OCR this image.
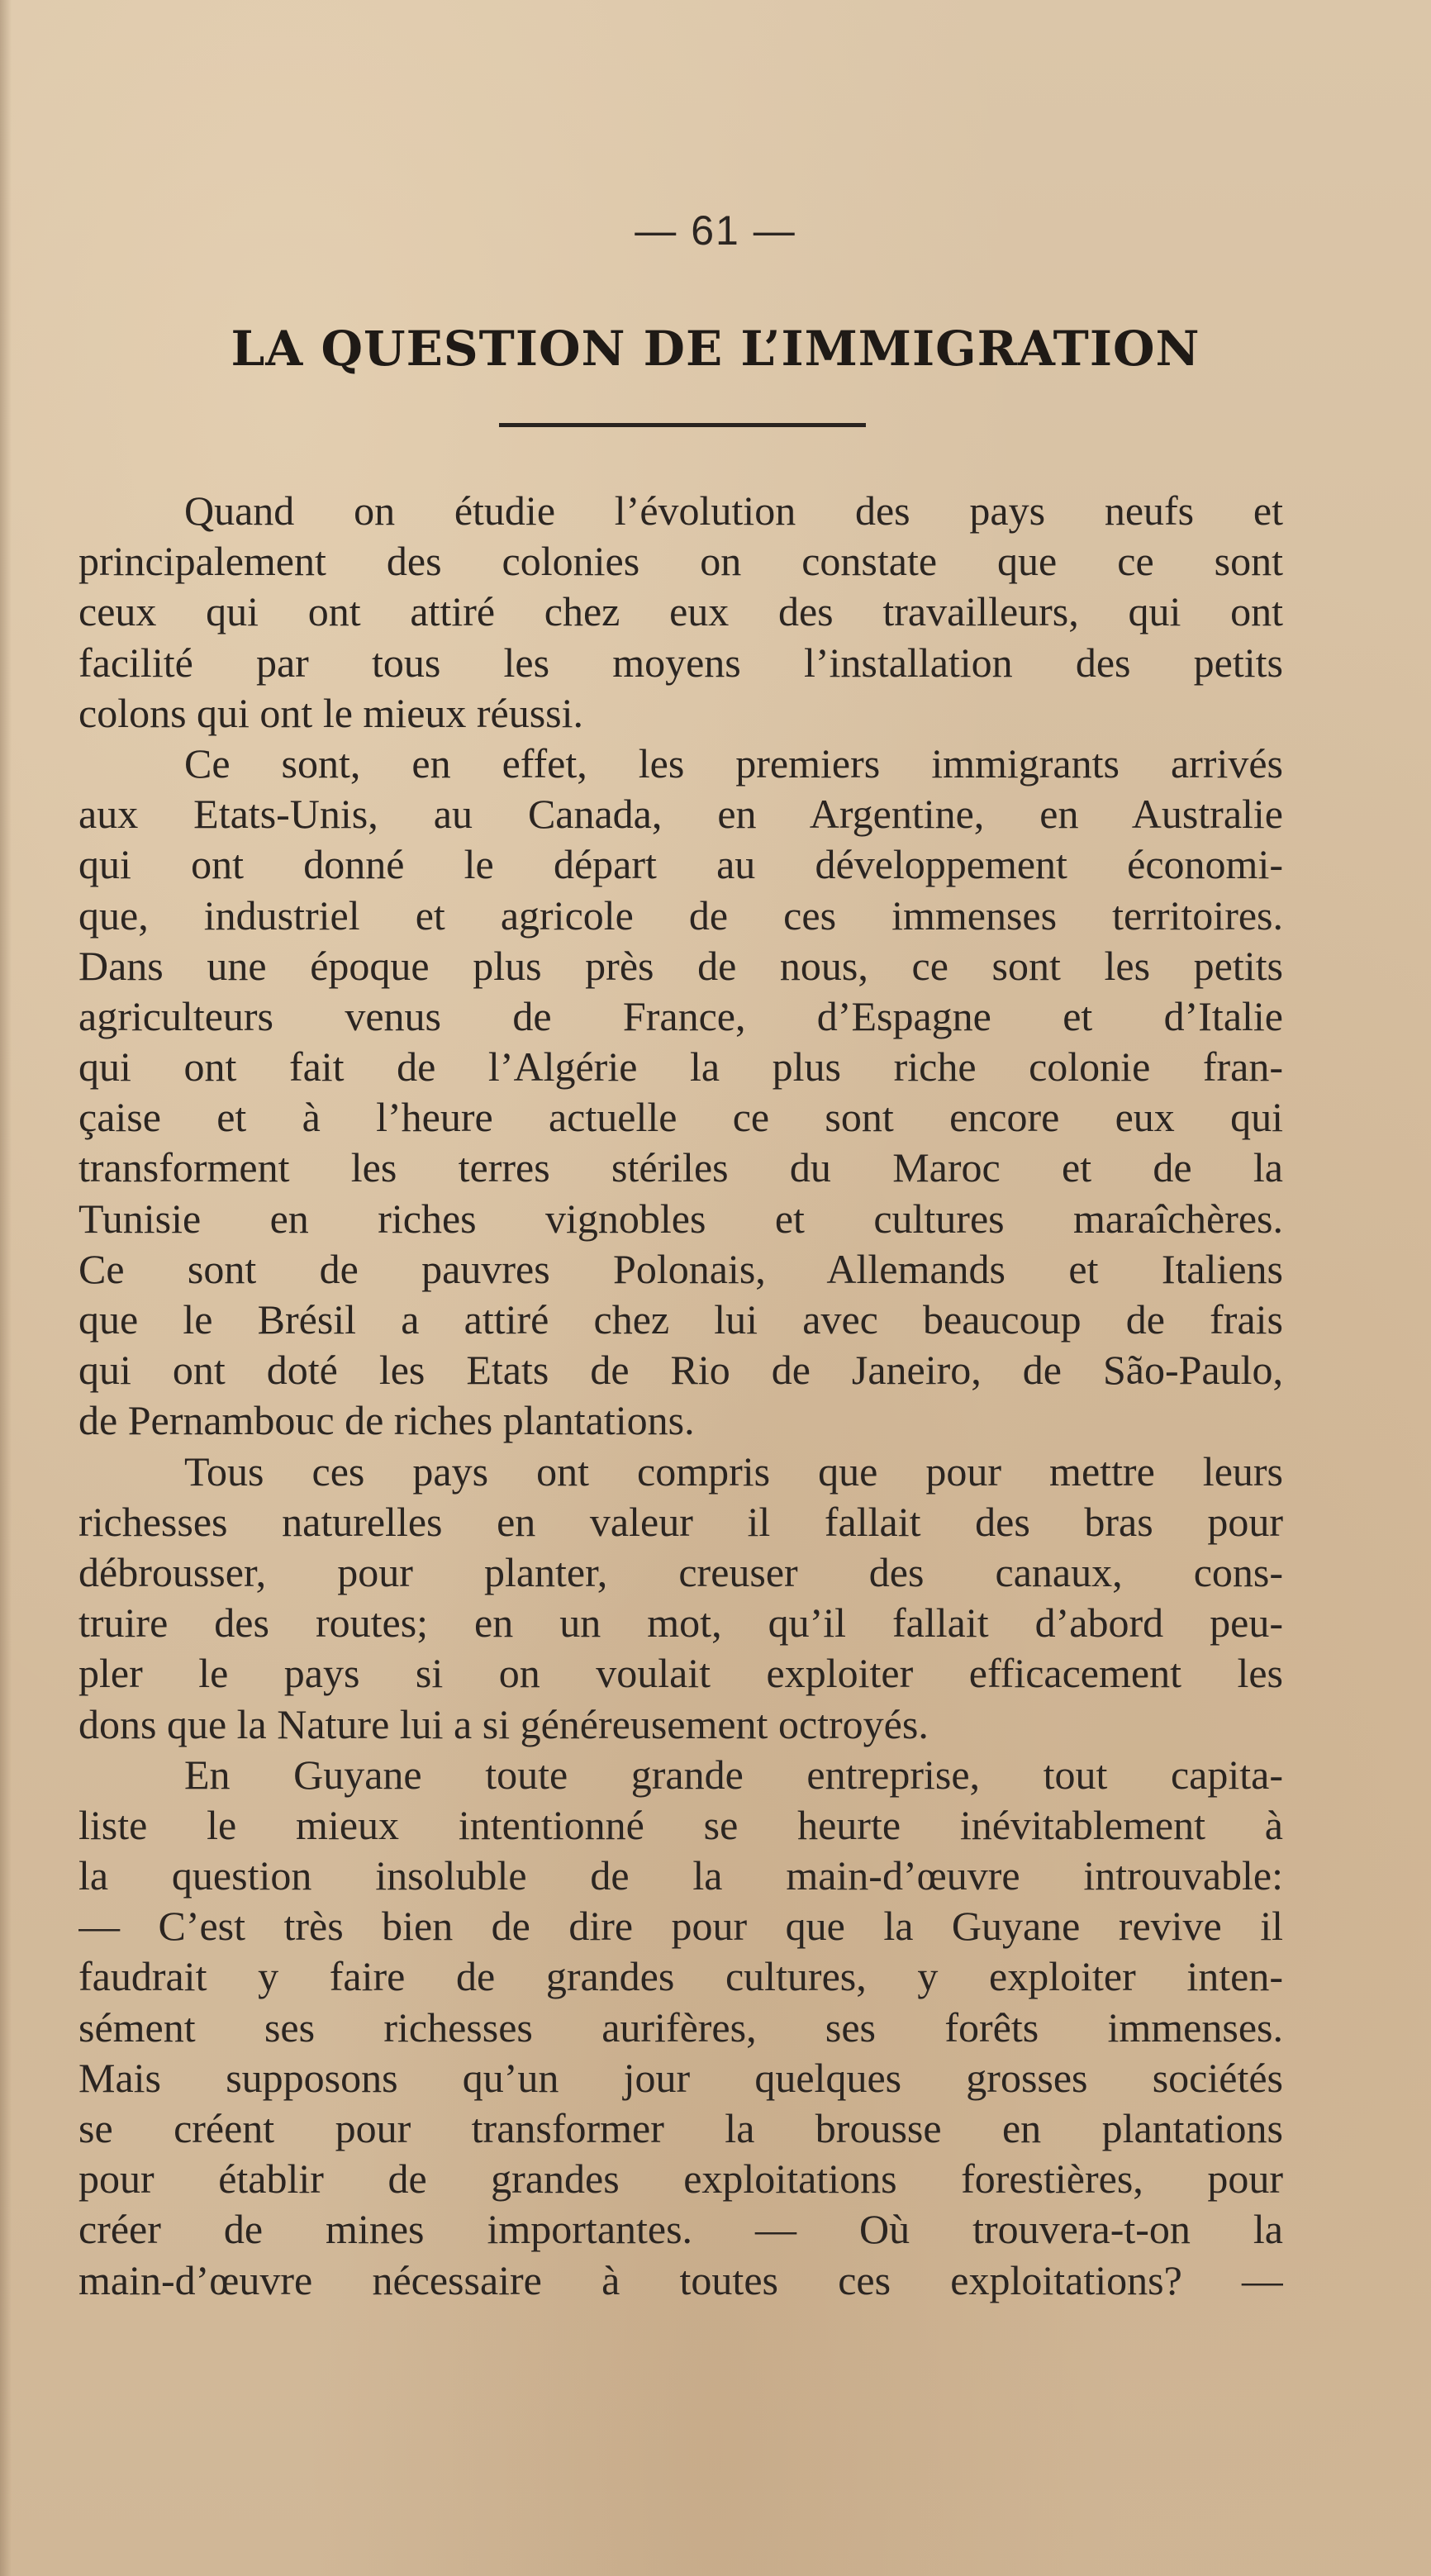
— 61 —
LA QUESTION DE L’IMMIGRATION
Quand on étudie l’évolution des pays neufs et
principalement des colonies on constate que ce sont
ceux qui ont attiré chez eux des travailleurs, qui ont
facilité par tous les moyens l’installation des petits
colons qui ont le mieux réussi.
Ce sont, en effet, les premiers immigrants arrivés
aux Etats-Unis, au Canada, en Argentine, en Australie
qui ont donné le départ au développement économi-
que, industriel et agricole de ces immenses territoires.
Dans une époque plus près de nous, ce sont les petits
agriculteurs venus de France, d’Espagne et d’Italie
qui ont fait de l’Algérie la plus riche colonie fran-
çaise et à l’heure actuelle ce sont encore eux qui
transforment les terres stériles du Maroc et de la
Tunisie en riches vignobles et cultures maraîchères.
Ce sont de pauvres Polonais, Allemands et Italiens
que le Brésil a attiré chez lui avec beaucoup de frais
qui ont doté les Etats de Rio de Janeiro, de São-Paulo,
de Pernambouc de riches plantations.
Tous ces pays ont compris que pour mettre leurs
richesses naturelles en valeur il fallait des bras pour
débrousser, pour planter, creuser des canaux, cons-
truire des routes; en un mot, qu’il fallait d’abord peu-
pler le pays si on voulait exploiter efficacement les
dons que la Nature lui a si généreusement octroyés.
En Guyane toute grande entreprise, tout capita-
liste le mieux intentionné se heurte inévitablement à
la question insoluble de la main-d’œuvre introuvable:
— C’est très bien de dire pour que la Guyane revive il
faudrait y faire de grandes cultures, y exploiter inten-
sément ses richesses aurifères, ses forêts immenses.
Mais supposons qu’un jour quelques grosses sociétés
se créent pour transformer la brousse en plantations
pour établir de grandes exploitations forestières, pour
créer de mines importantes. — Où trouvera-t-on la
main-d’œuvre nécessaire à toutes ces exploitations? —
